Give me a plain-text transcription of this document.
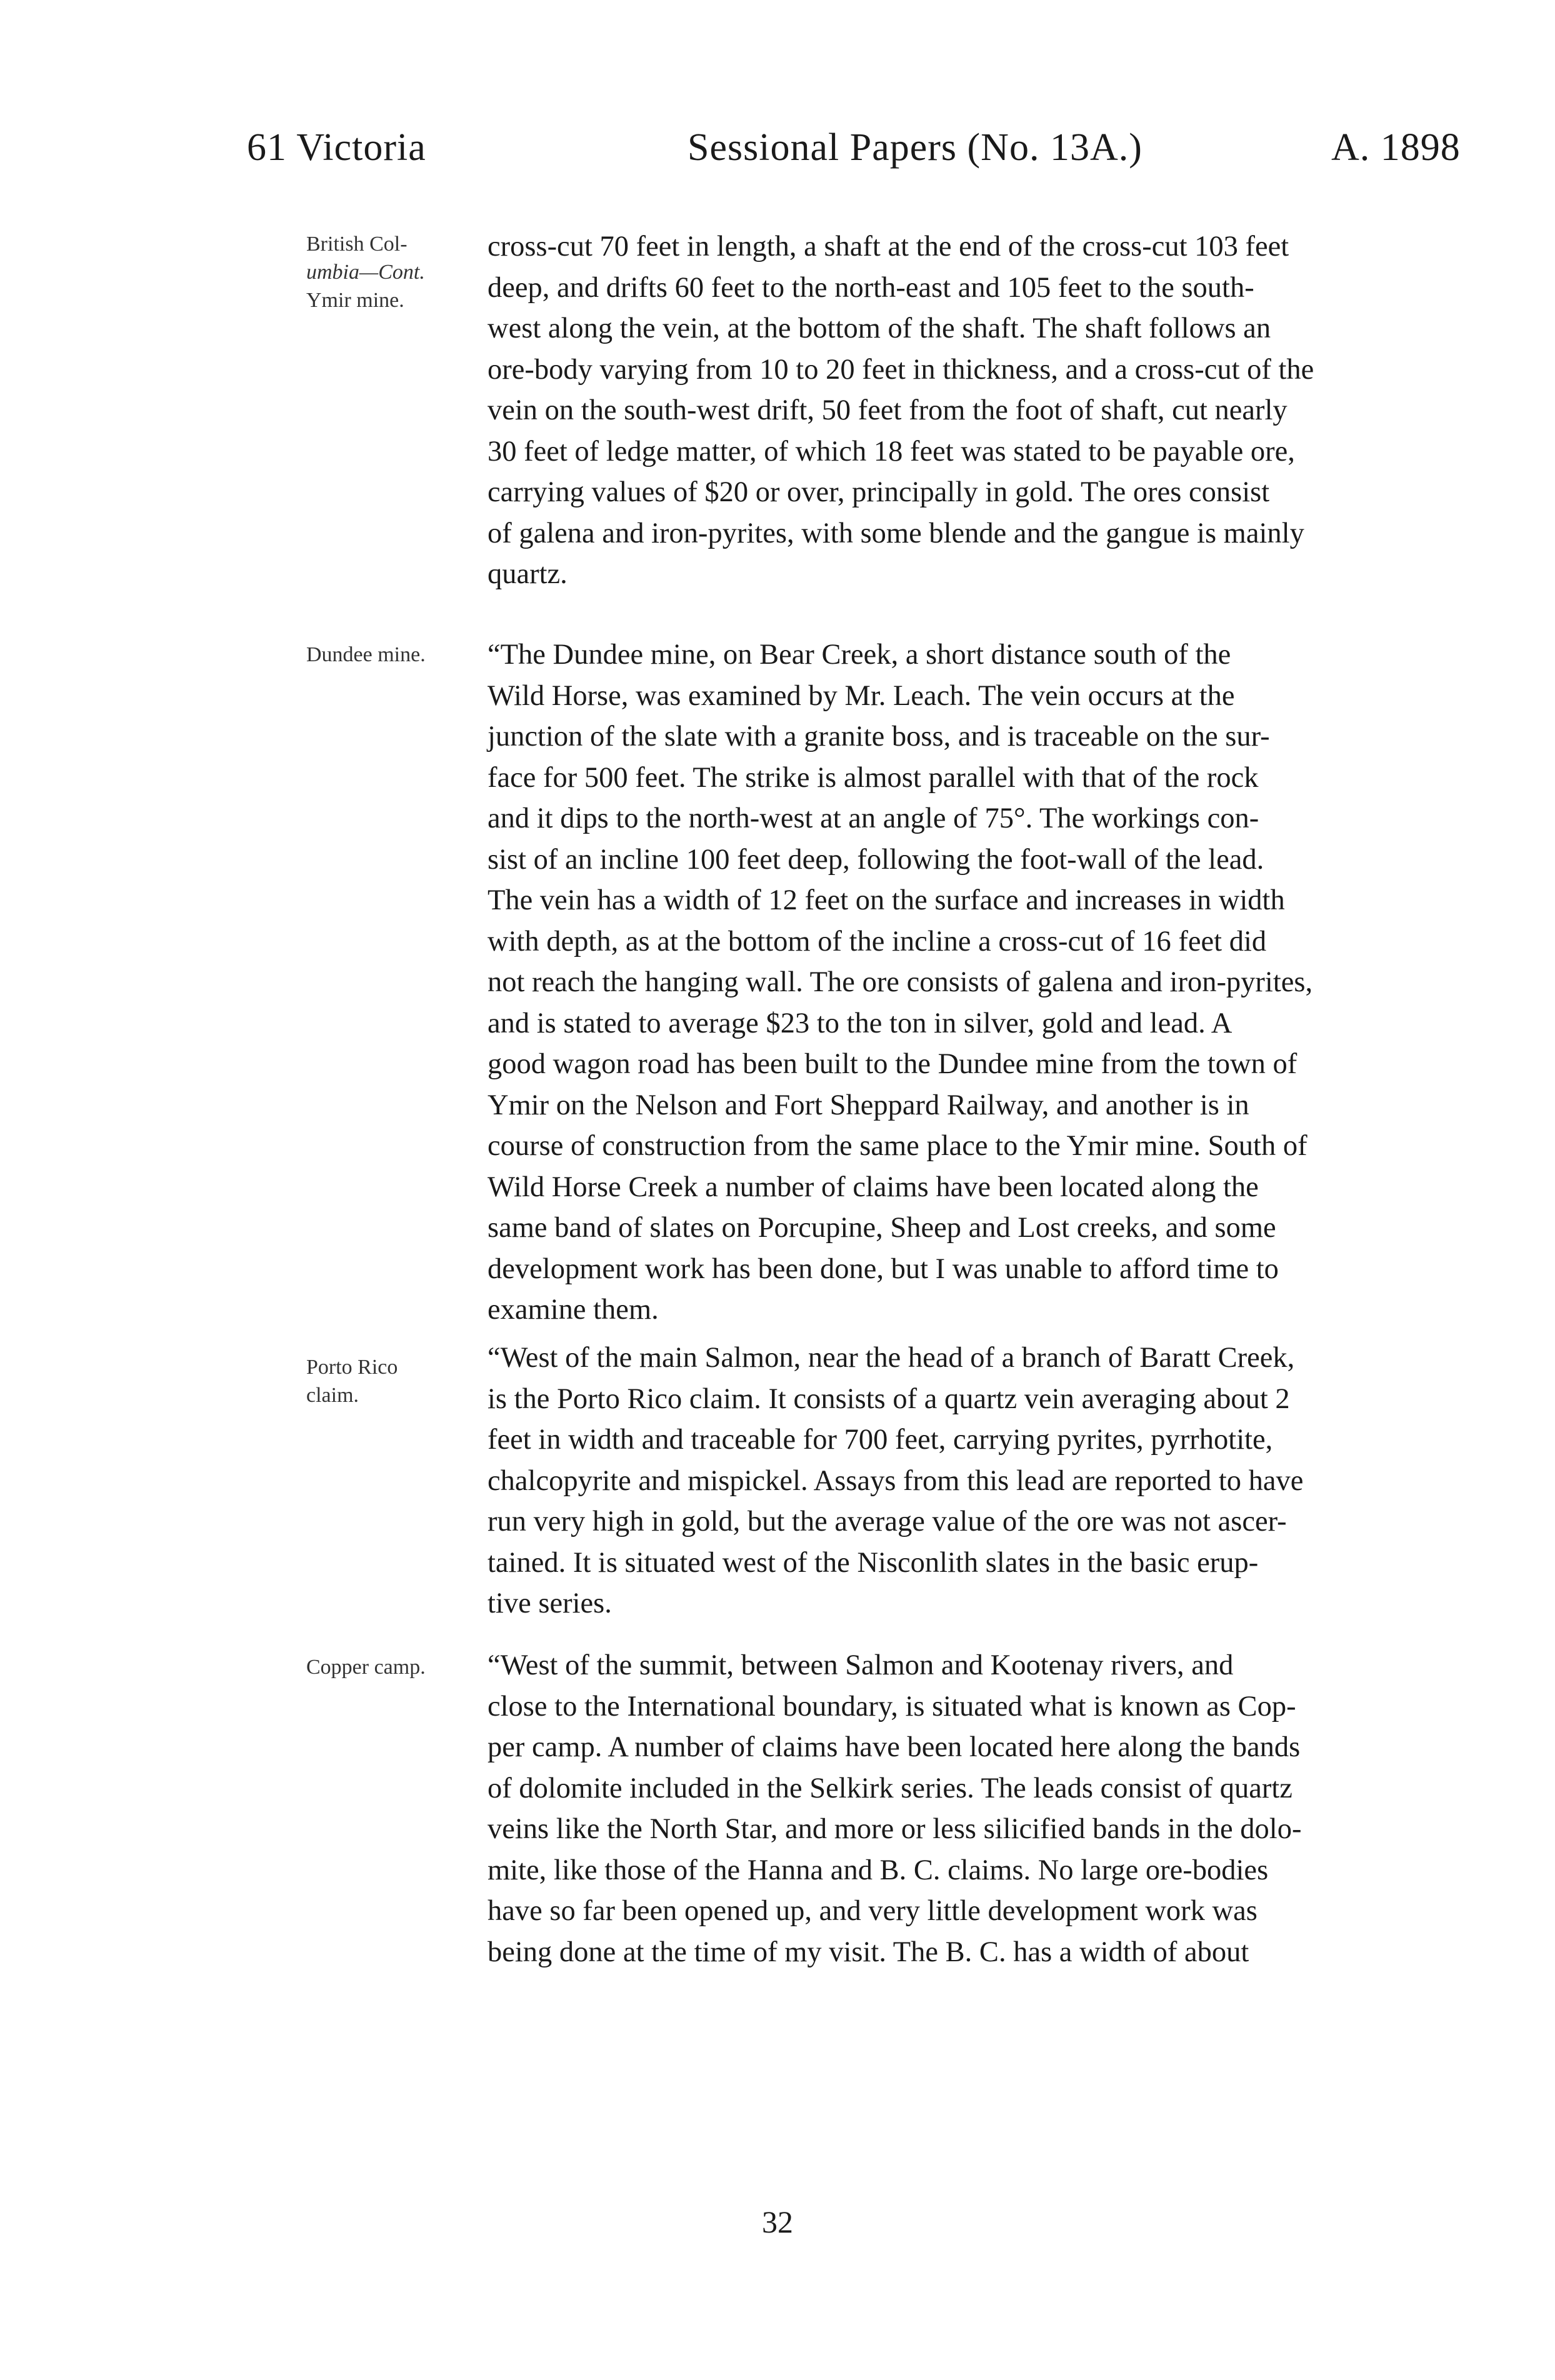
61 Victoria	Sessional Papers (No. 13A.)	A. 1898
British Col-
umbia—Cont.
Ymir mine.
Dundee mine.
Porto Rico
claim.
Copper camp.
cross-cut 70 feet in length, a shaft at the end of the cross-cut 103 feet
deep, and drifts 60 feet to the north-east and 105 feet to the south-
west along the vein, at the bottom of the shaft. The shaft follows an
ore-body varying from 10 to 20 feet in thickness, and a cross-cut of the
vein on the south-west drift, 50 feet from the foot of shaft, cut nearly
30 feet of ledge matter, of which 18 feet was stated to be payable ore,
carrying values of $20 or over, principally in gold. The ores consist
of galena and iron-pyrites, with some blende and the gangue is mainly
quartz.
“The Dundee mine, on Bear Creek, a short distance south of the
Wild Horse, was examined by Mr. Leach. The vein occurs at the
junction of the slate with a granite boss, and is traceable on the sur-
face for 500 feet. The strike is almost parallel with that of the rock
and it dips to the north-west at an angle of 75°. The workings con-
sist of an incline 100 feet deep, following the foot-wall of the lead.
The vein has a width of 12 feet on the surface and increases in width
with depth, as at the bottom of the incline a cross-cut of 16 feet did
not reach the hanging wall. The ore consists of galena and iron-pyrites,
and is stated to average $23 to the ton in silver, gold and lead. A
good wagon road has been built to the Dundee mine from the town of
Ymir on the Nelson and Fort Sheppard Railway, and another is in
course of construction from the same place to the Ymir mine. South of
Wild Horse Creek a number of claims have been located along the
same band of slates on Porcupine, Sheep and Lost creeks, and some
development work has been done, but I was unable to afford time to
examine them.
“West of the main Salmon, near the head of a branch of Baratt Creek,
is the Porto Rico claim. It consists of a quartz vein averaging about 2
feet in width and traceable for 700 feet, carrying pyrites, pyrrhotite,
chalcopyrite and mispickel. Assays from this lead are reported to have
run very high in gold, but the average value of the ore was not ascer-
tained. It is situated west of the Nisconlith slates in the basic erup-
tive series.
“West of the summit, between Salmon and Kootenay rivers, and
close to the International boundary, is situated what is known as Cop-
per camp. A number of claims have been located here along the bands
of dolomite included in the Selkirk series. The leads consist of quartz
veins like the North Star, and more or less silicified bands in the dolo-
mite, like those of the Hanna and B. C. claims. No large ore-bodies
have so far been opened up, and very little development work was
being done at the time of my visit. The B. C. has a width of about
32
